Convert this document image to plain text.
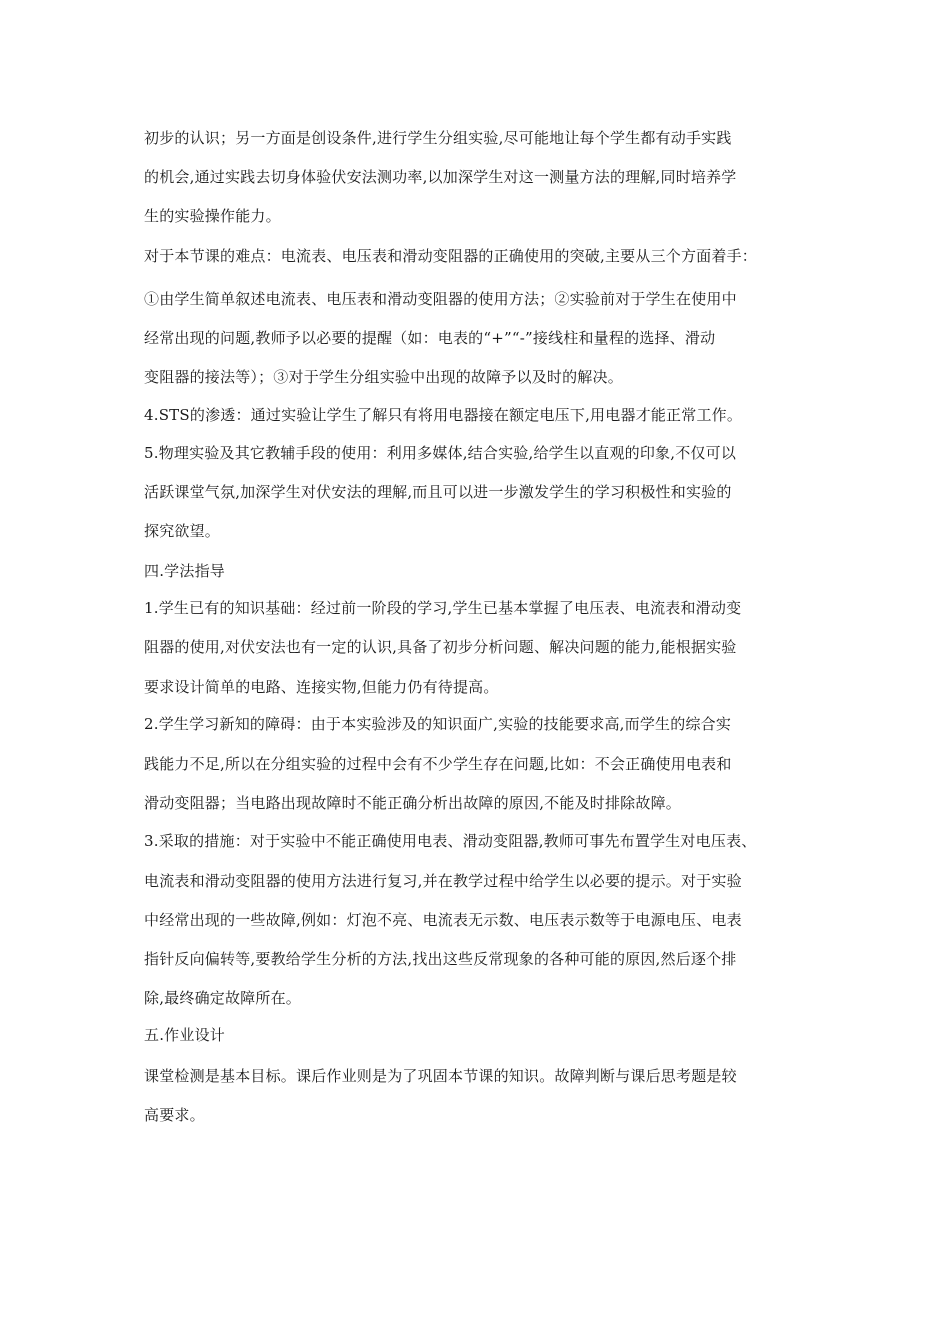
初步的认识；另一方面是创设条件,进行学生分组实验,尽可能地让每个学生都有动手实践
的机会,通过实践去切身体验伏安法测功率,以加深学生对这一测量方法的理解,同时培养学
生的实验操作能力。
对于本节课的难点：电流表、电压表和滑动变阻器的正确使用的突破,主要从三个方面着手：
①由学生简单叙述电流表、电压表和滑动变阻器的使用方法；②实验前对于学生在使用中
经常出现的问题,教师予以必要的提醒（如：电表的“+”“-”接线柱和量程的选择、滑动
变阻器的接法等）；③对于学生分组实验中出现的故障予以及时的解决。
4.STS的渗透：通过实验让学生了解只有将用电器接在额定电压下,用电器才能正常工作。
5.物理实验及其它教辅手段的使用：利用多媒体,结合实验,给学生以直观的印象,不仅可以
活跃课堂气氛,加深学生对伏安法的理解,而且可以进一步激发学生的学习积极性和实验的
探究欲望。
四.学法指导
1.学生已有的知识基础：经过前一阶段的学习,学生已基本掌握了电压表、电流表和滑动变
阻器的使用,对伏安法也有一定的认识,具备了初步分析问题、解决问题的能力,能根据实验
要求设计简单的电路、连接实物,但能力仍有待提高。
2.学生学习新知的障碍：由于本实验涉及的知识面广,实验的技能要求高,而学生的综合实
践能力不足,所以在分组实验的过程中会有不少学生存在问题,比如：不会正确使用电表和
滑动变阻器；当电路出现故障时不能正确分析出故障的原因,不能及时排除故障。
3.采取的措施：对于实验中不能正确使用电表、滑动变阻器,教师可事先布置学生对电压表、
电流表和滑动变阻器的使用方法进行复习,并在教学过程中给学生以必要的提示。对于实验
中经常出现的一些故障,例如：灯泡不亮、电流表无示数、电压表示数等于电源电压、电表
指针反向偏转等,要教给学生分析的方法,找出这些反常现象的各种可能的原因,然后逐个排
除,最终确定故障所在。
五.作业设计
课堂检测是基本目标。课后作业则是为了巩固本节课的知识。故障判断与课后思考题是较
高要求。
